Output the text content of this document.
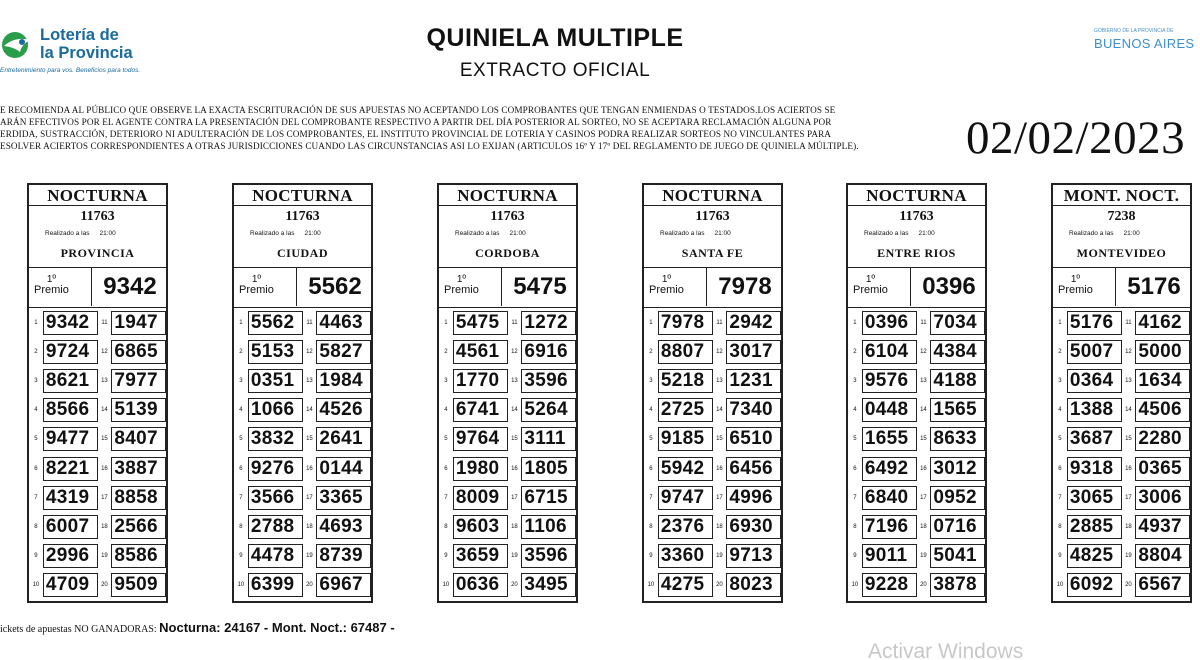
Lotería de
la Provincia
Entretenimiento para vos. Beneficios para todos.
QUINIELA MULTIPLE
EXTRACTO OFICIAL
GOBIERNO DE LA PROVINCIA DE
BUENOS AIRES
E RECOMIENDA AL PÚBLICO QUE OBSERVE LA EXACTA ESCRITURACIÓN DE SUS APUESTAS NO ACEPTANDO LOS COMPROBANTES QUE TENGAN ENMIENDAS O TESTADOS.LOS ACIERTOS SE
ARÁN EFECTIVOS POR EL AGENTE CONTRA LA PRESENTACIÓN DEL COMPROBANTE RESPECTIVO A PARTIR DEL DÍA POSTERIOR AL SORTEO, NO SE ACEPTARA RECLAMACIÓN ALGUNA POR
ERDIDA, SUSTRACCIÓN, DETERIORO NI ADULTERACIÓN DE LOS COMPROBANTES, EL INSTITUTO PROVINCIAL DE LOTERIA Y CASINOS PODRA REALIZAR SORTEOS NO VINCULANTES PARA
ESOLVER ACIERTOS CORRESPONDIENTES A OTRAS JURISDICCIONES CUANDO LAS CIRCUNSTANCIAS ASI LO EXIJAN (ARTICULOS 16º Y 17º DEL REGLAMENTO DE JUEGO DE QUINIELA MÚLTIPLE).	02/02/2023
NOCTURNA
11763
Realizado a las 21:00
PROVINCIA
1º
Premio	9342
1 9342	11 1947
2 9724	12 6865
3 8621	13 7977
4 8566	14 5139
5 9477	15 8407
6 8221	16 3887
7 4319	17 8858
8 6007	18 2566
9 2996	19 8586
10 4709	20 9509
NOCTURNA
11763
Realizado a las 21:00
CIUDAD
1º
Premio	5562
1 5562	11 4463
2 5153	12 5827
3 0351	13 1984
4 1066	14 4526
5 3832	15 2641
6 9276	16 0144
7 3566	17 3365
8 2788	18 4693
9 4478	19 8739
10 6399	20 6967
NOCTURNA
11763
Realizado a las 21:00
CORDOBA
1º
Premio	5475
1 5475	11 1272
2 4561	12 6916
3 1770	13 3596
4 6741	14 5264
5 9764	15 3111
6 1980	16 1805
7 8009	17 6715
8 9603	18 1106
9 3659	19 3596
10 0636	20 3495
NOCTURNA
11763
Realizado a las 21:00
SANTA FE
1º
Premio	7978
1 7978	11 2942
2 8807	12 3017
3 5218	13 1231
4 2725	14 7340
5 9185	15 6510
6 5942	16 6456
7 9747	17 4996
8 2376	18 6930
9 3360	19 9713
10 4275	20 8023
NOCTURNA
11763
Realizado a las 21:00
ENTRE RIOS
1º
Premio	0396
1 0396	11 7034
2 6104	12 4384
3 9576	13 4188
4 0448	14 1565
5 1655	15 8633
6 6492	16 3012
7 6840	17 0952
8 7196	18 0716
9 9011	19 5041
10 9228	20 3878
MONT. NOCT.
7238
Realizado a las 21:00
MONTEVIDEO
1º
Premio	5176
1 5176	11 4162
2 5007	12 5000
3 0364	13 1634
4 1388	14 4506
5 3687	15 2280
6 9318	16 0365
7 3065	17 3006
8 2885	18 4937
9 4825	19 8804
10 6092	20 6567
ickets de apuestas NO GANADORAS: Nocturna: 24167 - Mont. Noct.: 67487 -
Activar Windows
